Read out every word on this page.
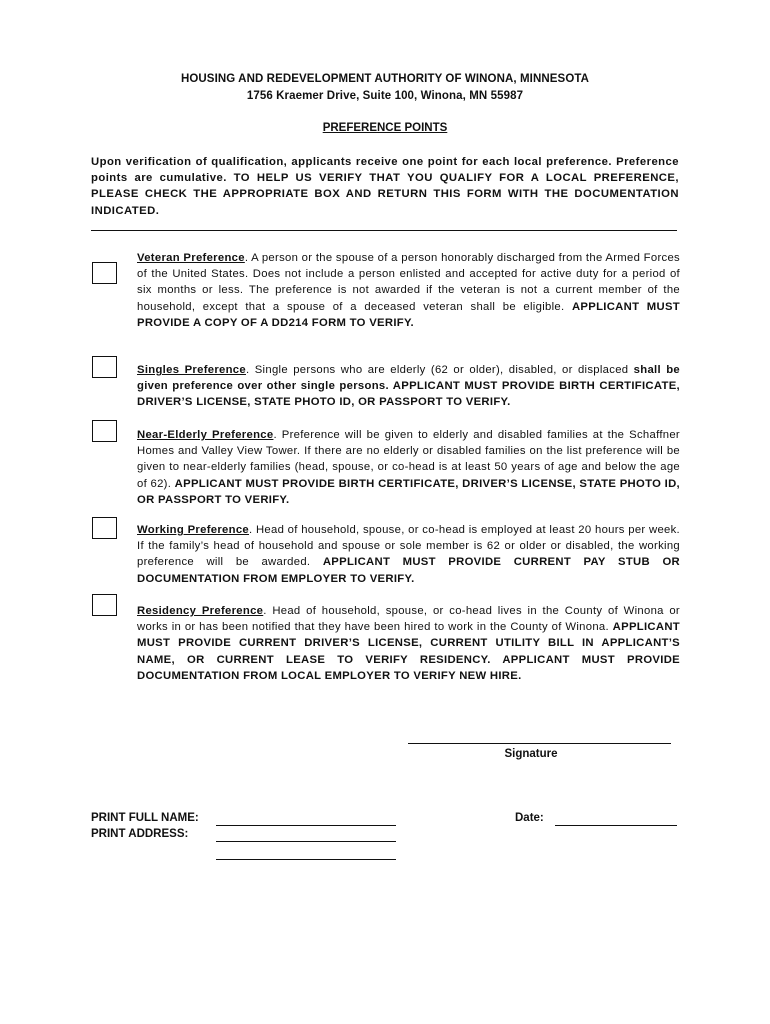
HOUSING AND REDEVELOPMENT AUTHORITY OF WINONA, MINNESOTA
1756 Kraemer Drive, Suite 100, Winona, MN 55987
PREFERENCE POINTS
Upon verification of qualification, applicants receive one point for each local preference. Preference points are cumulative. TO HELP US VERIFY THAT YOU QUALIFY FOR A LOCAL PREFERENCE, PLEASE CHECK THE APPROPRIATE BOX AND RETURN THIS FORM WITH THE DOCUMENTATION INDICATED.
Veteran Preference. A person or the spouse of a person honorably discharged from the Armed Forces of the United States. Does not include a person enlisted and accepted for active duty for a period of six months or less. The preference is not awarded if the veteran is not a current member of the household, except that a spouse of a deceased veteran shall be eligible. APPLICANT MUST PROVIDE A COPY OF A DD214 FORM TO VERIFY.
Singles Preference. Single persons who are elderly (62 or older), disabled, or displaced shall be given preference over other single persons. APPLICANT MUST PROVIDE BIRTH CERTIFICATE, DRIVER’S LICENSE, STATE PHOTO ID, OR PASSPORT TO VERIFY.
Near-Elderly Preference. Preference will be given to elderly and disabled families at the Schaffner Homes and Valley View Tower. If there are no elderly or disabled families on the list preference will be given to near-elderly families (head, spouse, or co-head is at least 50 years of age and below the age of 62). APPLICANT MUST PROVIDE BIRTH CERTIFICATE, DRIVER’S LICENSE, STATE PHOTO ID, OR PASSPORT TO VERIFY.
Working Preference. Head of household, spouse, or co-head is employed at least 20 hours per week. If the family’s head of household and spouse or sole member is 62 or older or disabled, the working preference will be awarded. APPLICANT MUST PROVIDE CURRENT PAY STUB OR DOCUMENTATION FROM EMPLOYER TO VERIFY.
Residency Preference. Head of household, spouse, or co-head lives in the County of Winona or works in or has been notified that they have been hired to work in the County of Winona. APPLICANT MUST PROVIDE CURRENT DRIVER’S LICENSE, CURRENT UTILITY BILL IN APPLICANT’S NAME, OR CURRENT LEASE TO VERIFY RESIDENCY. APPLICANT MUST PROVIDE DOCUMENTATION FROM LOCAL EMPLOYER TO VERIFY NEW HIRE.
Signature
PRINT FULL NAME:
PRINT ADDRESS:
Date:
